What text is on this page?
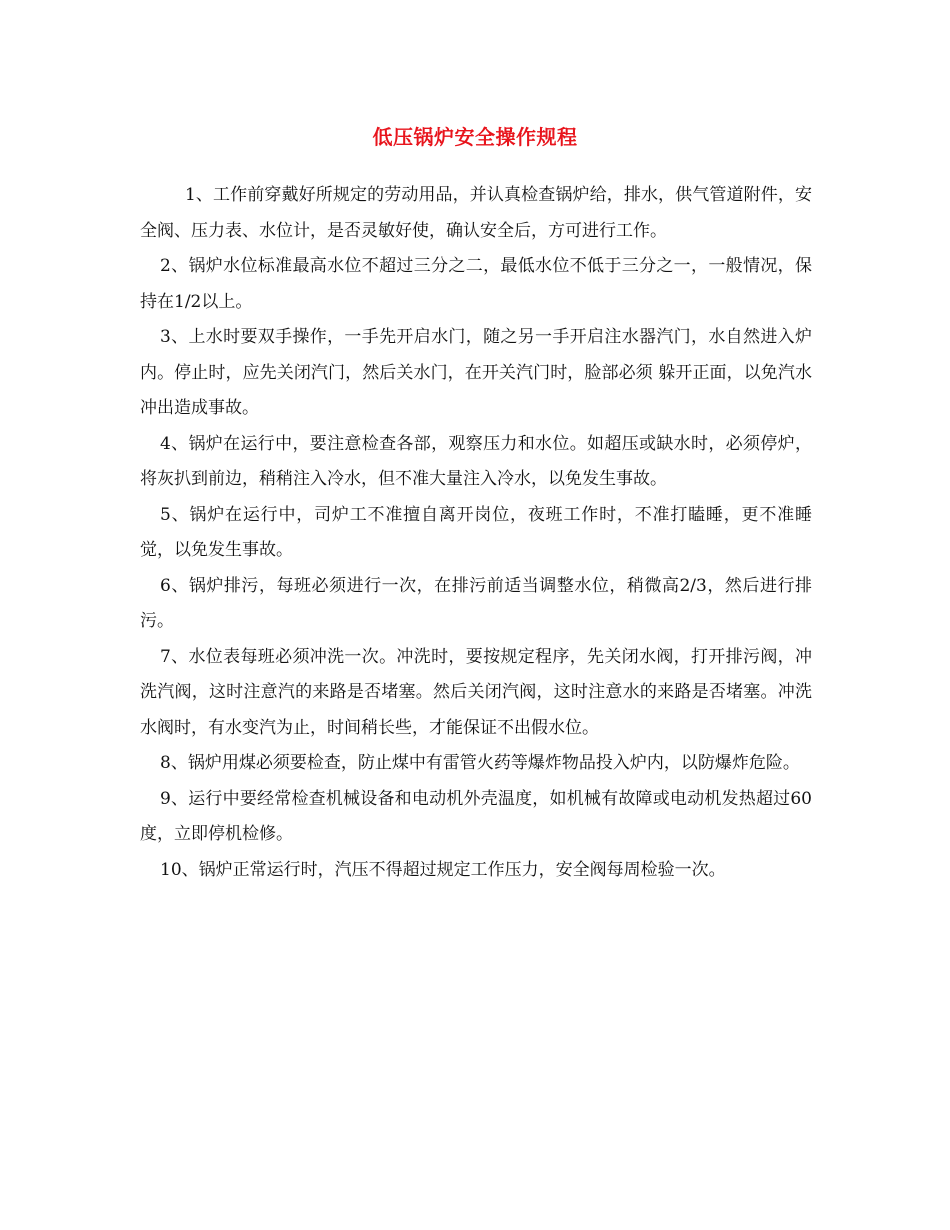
低压锅炉安全操作规程

1、工作前穿戴好所规定的劳动用品，并认真检查锅炉给，排水，供气管道附件，安全阀、压力表、水位计，是否灵敏好使，确认安全后，方可进行工作。

2、锅炉水位标准最高水位不超过三分之二，最低水位不低于三分之一，一般情况，保持在1/2以上。

3、上水时要双手操作，一手先开启水门，随之另一手开启注水器汽门，水自然进入炉内。停止时，应先关闭汽门，然后关水门，在开关汽门时，脸部必须 躲开正面，以免汽水冲出造成事故。

4、锅炉在运行中，要注意检查各部，观察压力和水位。如超压或缺水时，必须停炉，将灰扒到前边，稍稍注入冷水，但不准大量注入冷水，以免发生事故。

5、锅炉在运行中，司炉工不准擅自离开岗位，夜班工作时，不准打瞌睡，更不准睡觉，以免发生事故。

6、锅炉排污，每班必须进行一次，在排污前适当调整水位，稍微高2/3，然后进行排污。

7、水位表每班必须冲洗一次。冲洗时，要按规定程序，先关闭水阀，打开排污阀，冲洗汽阀，这时注意汽的来路是否堵塞。然后关闭汽阀，这时注意水的来路是否堵塞。冲洗水阀时，有水变汽为止，时间稍长些，才能保证不出假水位。

8、锅炉用煤必须要检查，防止煤中有雷管火药等爆炸物品投入炉内，以防爆炸危险。

9、运行中要经常检查机械设备和电动机外壳温度，如机械有故障或电动机发热超过60度，立即停机检修。

10、锅炉正常运行时，汽压不得超过规定工作压力，安全阀每周检验一次。
